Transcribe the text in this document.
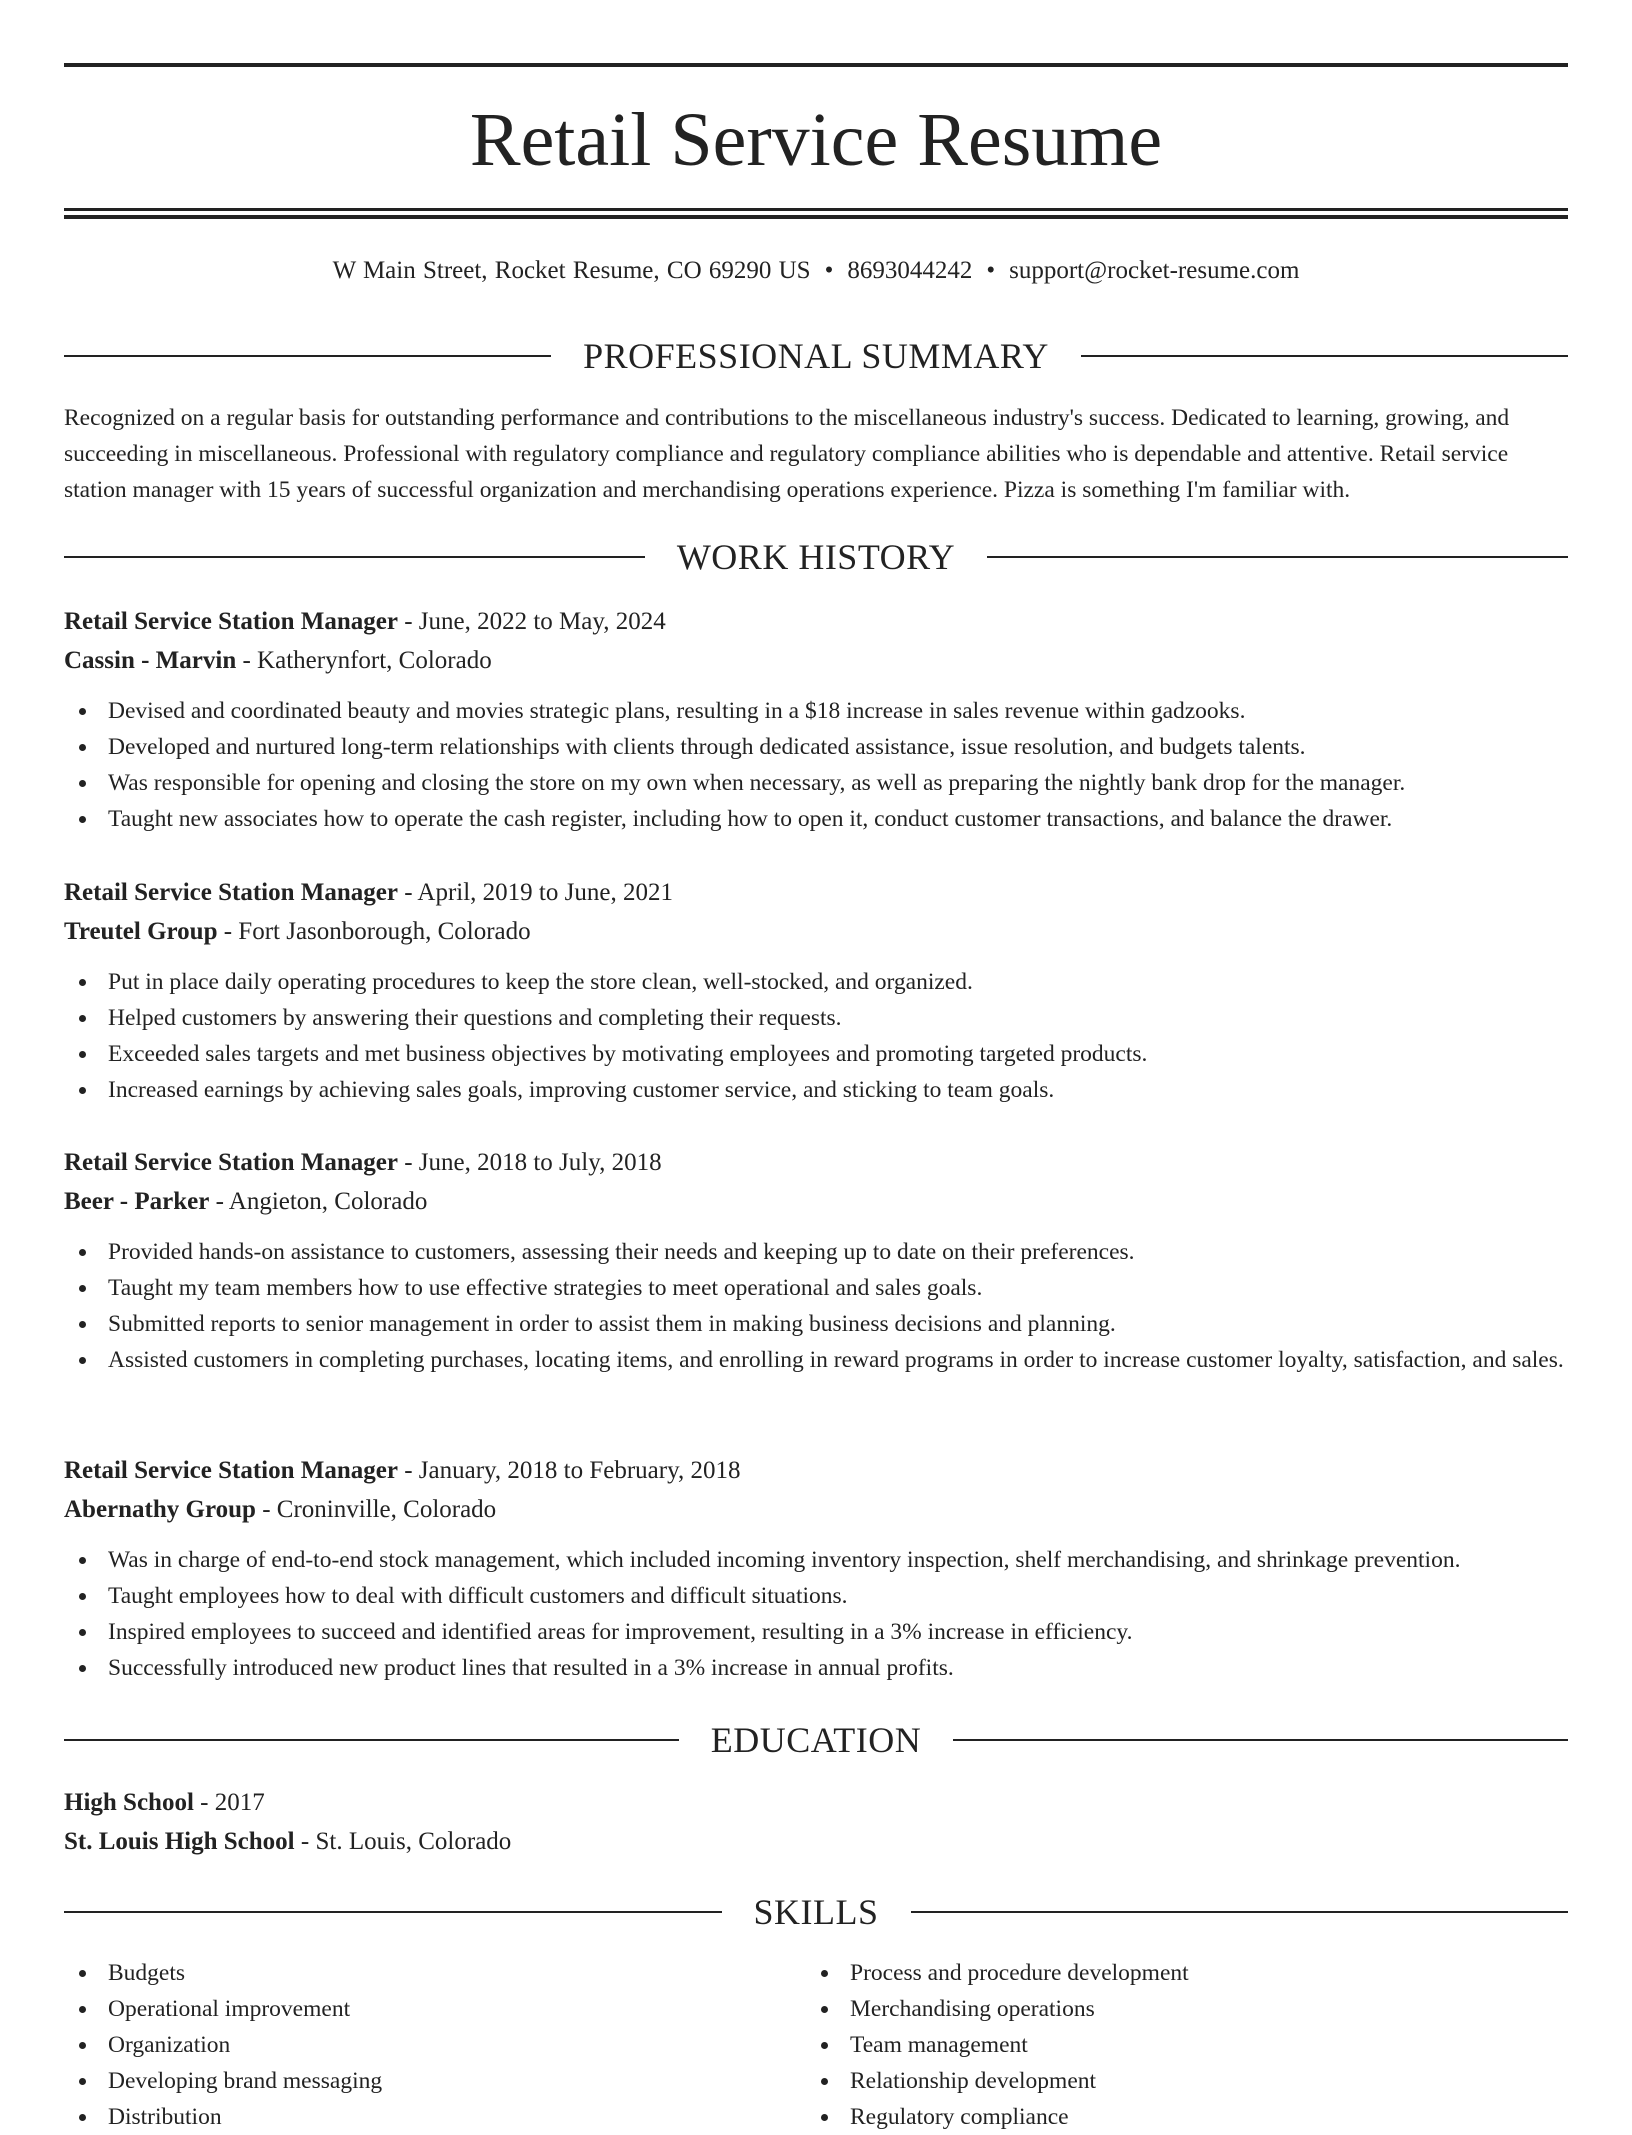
Retail Service Resume
W Main Street, Rocket Resume, CO 69290 US • 8693044242 • support@rocket-resume.com
PROFESSIONAL SUMMARY

Recognized on a regular basis for outstanding performance and contributions to the miscellaneous industry's success. Dedicated to learning, growing, and succeeding in miscellaneous. Professional with regulatory compliance and regulatory compliance abilities who is dependable and attentive. Retail service station manager with 15 years of successful organization and merchandising operations experience. Pizza is something I'm familiar with.

WORK HISTORY
Retail Service Station Manager - June, 2022 to May, 2024
Cassin - Marvin - Katherynfort, Colorado
Devised and coordinated beauty and movies strategic plans, resulting in a $18 increase in sales revenue within gadzooks.
Developed and nurtured long-term relationships with clients through dedicated assistance, issue resolution, and budgets talents.
Was responsible for opening and closing the store on my own when necessary, as well as preparing the nightly bank drop for the manager.
Taught new associates how to operate the cash register, including how to open it, conduct customer transactions, and balance the drawer.
Retail Service Station Manager - April, 2019 to June, 2021
Treutel Group - Fort Jasonborough, Colorado
Put in place daily operating procedures to keep the store clean, well-stocked, and organized.
Helped customers by answering their questions and completing their requests.
Exceeded sales targets and met business objectives by motivating employees and promoting targeted products.
Increased earnings by achieving sales goals, improving customer service, and sticking to team goals.
Retail Service Station Manager - June, 2018 to July, 2018
Beer - Parker - Angieton, Colorado
Provided hands-on assistance to customers, assessing their needs and keeping up to date on their preferences.
Taught my team members how to use effective strategies to meet operational and sales goals.
Submitted reports to senior management in order to assist them in making business decisions and planning.
Assisted customers in completing purchases, locating items, and enrolling in reward programs in order to increase customer loyalty, satisfaction, and sales.
Retail Service Station Manager - January, 2018 to February, 2018
Abernathy Group - Croninville, Colorado
Was in charge of end-to-end stock management, which included incoming inventory inspection, shelf merchandising, and shrinkage prevention.
Taught employees how to deal with difficult customers and difficult situations.
Inspired employees to succeed and identified areas for improvement, resulting in a 3% increase in efficiency.
Successfully introduced new product lines that resulted in a 3% increase in annual profits.
EDUCATION
High School - 2017
St. Louis High School - St. Louis, Colorado
SKILLS
Budgets
Operational improvement
Organization
Developing brand messaging
Distribution
Process and procedure development
Merchandising operations
Team management
Relationship development
Regulatory compliance
